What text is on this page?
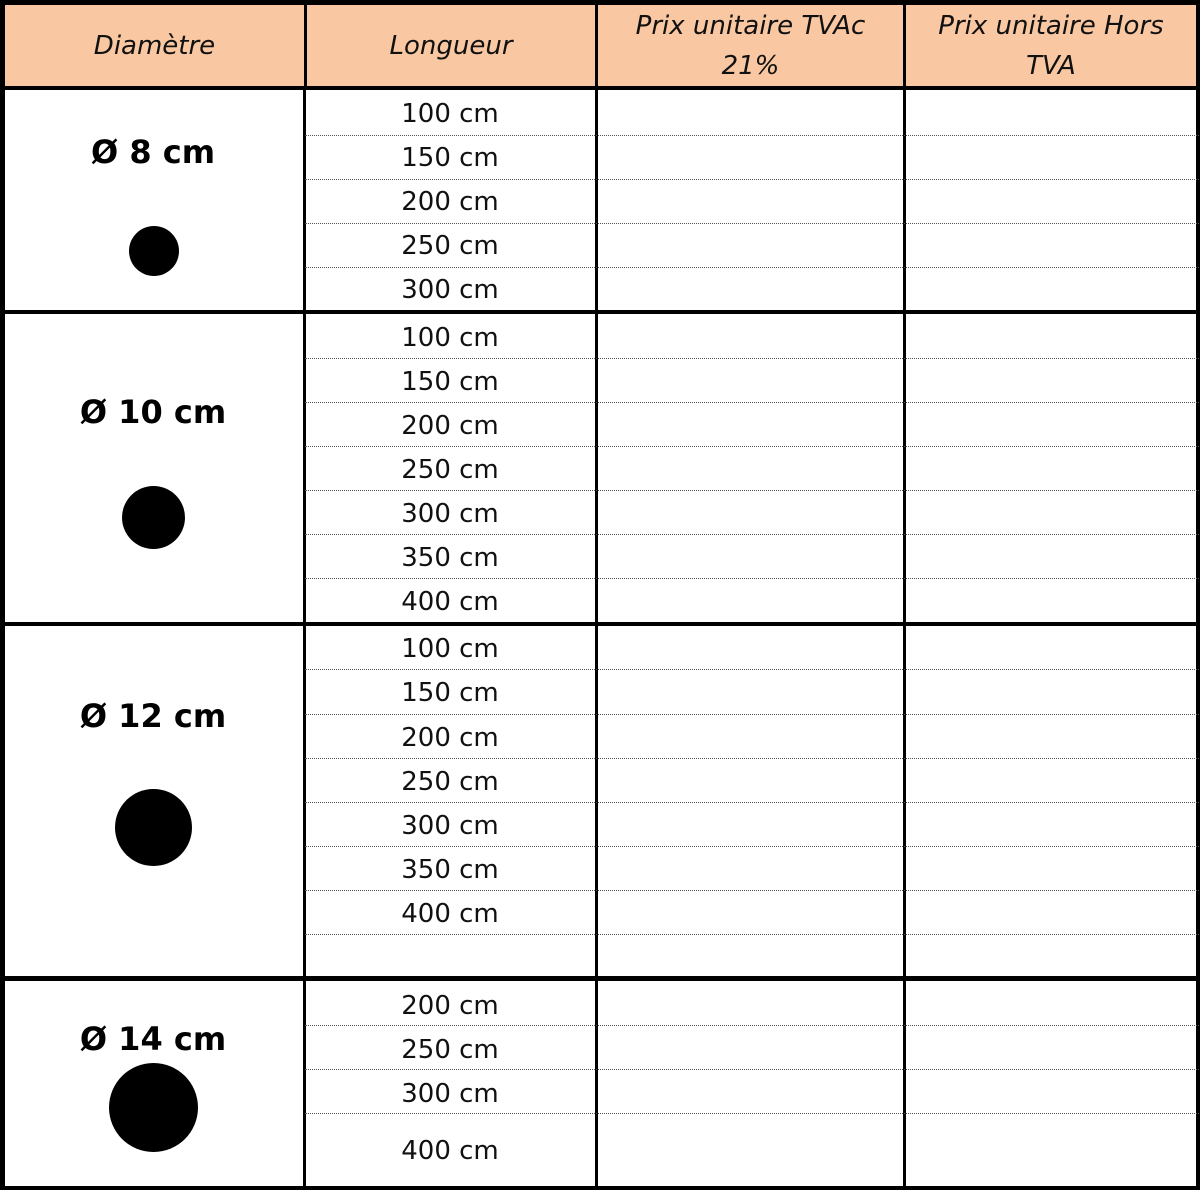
Diamètre	Longueur
Prix unitaire TVAc
21%
Prix unitaire Hors
TVA
Ø 8 cm
100 cm
150 cm
200 cm
250 cm
300 cm
Ø 10 cm
100 cm
150 cm
200 cm
250 cm
300 cm
350 cm
400 cm
Ø 12 cm
100 cm
150 cm
200 cm
250 cm
300 cm
350 cm
400 cm
Ø 14 cm
200 cm
250 cm
300 cm
400 cm
